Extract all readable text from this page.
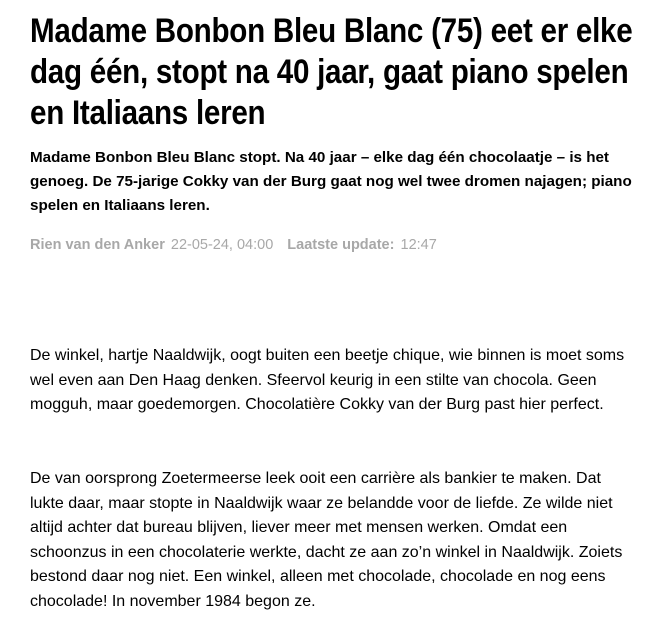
Madame Bonbon Bleu Blanc (75) eet er elke dag één, stopt na 40 jaar, gaat piano spelen en Italiaans leren

Madame Bonbon Bleu Blanc stopt. Na 40 jaar – elke dag één chocolaatje – is het genoeg. De 75-jarige Cokky van der Burg gaat nog wel twee dromen najagen; piano spelen en Italiaans leren.

Rien van den Anker 22-05-24, 04:00 Laatste update: 12:47

De winkel, hartje Naaldwijk, oogt buiten een beetje chique, wie binnen is moet soms wel even aan Den Haag denken. Sfeervol keurig in een stilte van chocola. Geen mogguh, maar goedemorgen. Chocolatière Cokky van der Burg past hier perfect.

De van oorsprong Zoetermeerse leek ooit een carrière als bankier te maken. Dat lukte daar, maar stopte in Naaldwijk waar ze belandde voor de liefde. Ze wilde niet altijd achter dat bureau blijven, liever meer met mensen werken. Omdat een schoonzus in een chocolaterie werkte, dacht ze aan zo’n winkel in Naaldwijk. Zoiets bestond daar nog niet. Een winkel, alleen met chocolade, chocolade en nog eens chocolade! In november 1984 begon ze.
